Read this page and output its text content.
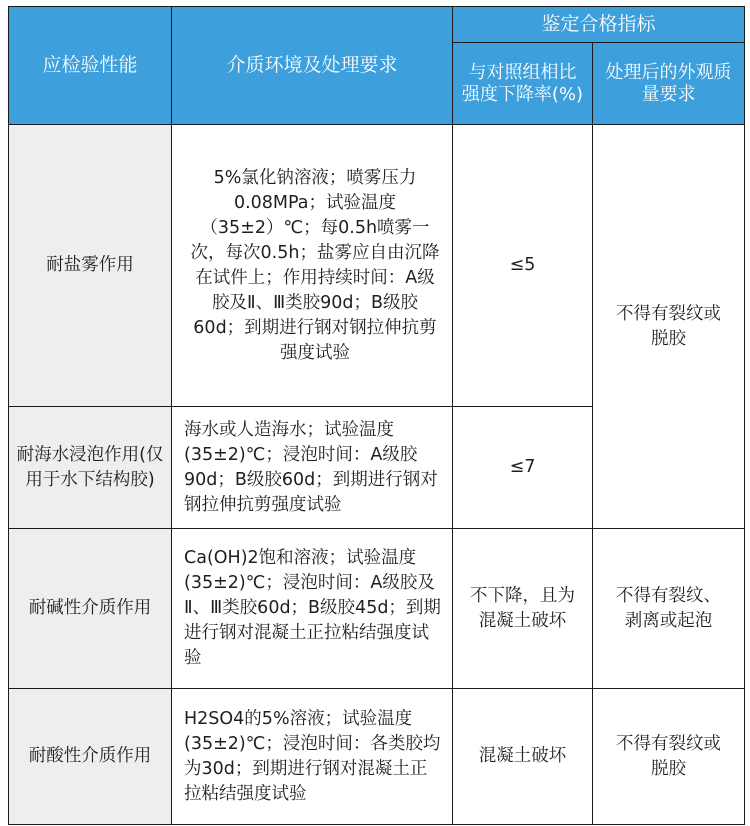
应检验性能	介质环境及处理要求	鉴定合格指标	
		与对照组相比强度下降率(%)	处理后的外观质量要求
耐盐雾作用	5%氯化钠溶液；喷雾压力0.08MPa；试验温度（35±2）℃；每0.5h喷雾一次，每次0.5h；盐雾应自由沉降在试件上；作用持续时间：A级胶及Ⅱ、Ⅲ类胶90d；B级胶60d；到期进行钢对钢拉伸抗剪强度试验	≤5	不得有裂纹或脱胶
耐海水浸泡作用(仅用于水下结构胶)	海水或人造海水；试验温度(35±2)℃；浸泡时间：A级胶90d；B级胶60d；到期进行钢对钢拉伸抗剪强度试验	≤7	
耐碱性介质作用	Ca(OH)2饱和溶液；试验温度(35±2)℃；浸泡时间：A级胶及Ⅱ、Ⅲ类胶60d；B级胶45d；到期进行钢对混凝土正拉粘结强度试验	不下降，且为混凝土破坏	不得有裂纹、剥离或起泡
耐酸性介质作用	H2SO4的5%溶液；试验温度(35±2)℃；浸泡时间：各类胶均为30d；到期进行钢对混凝土正拉粘结强度试验	混凝土破坏	不得有裂纹或脱胶
